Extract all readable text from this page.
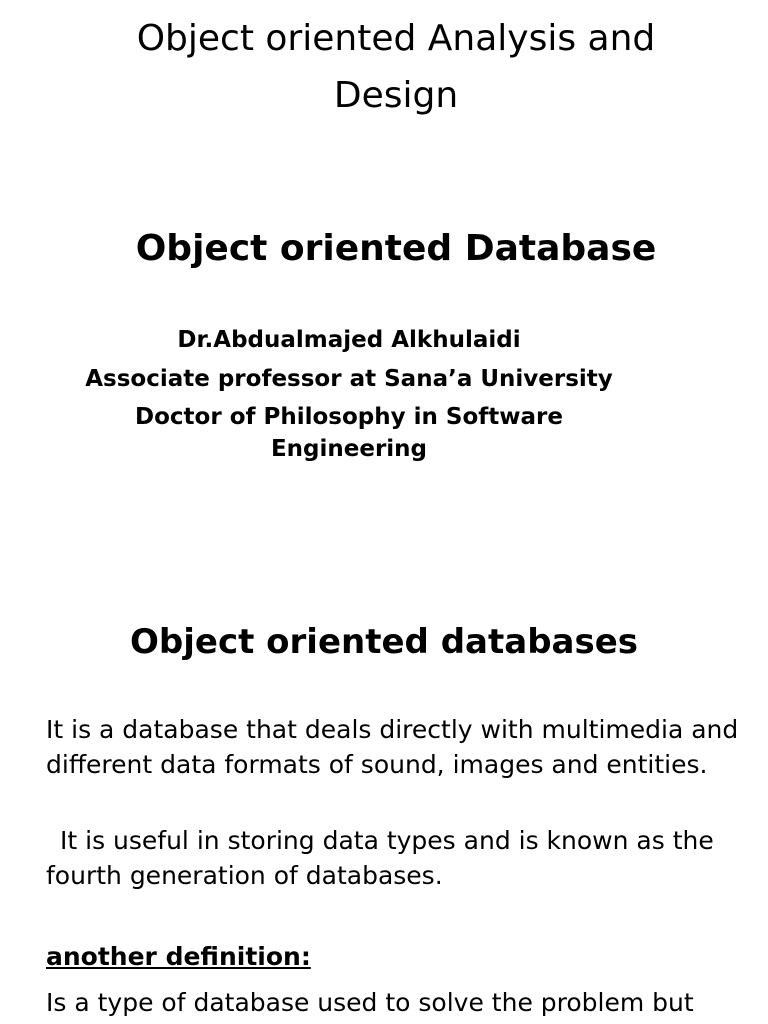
Object oriented Analysis and
Design
Object oriented Database

Dr.Abdualmajed Alkhulaidi

Associate professor at Sana’a University

Doctor of Philosophy in Software

Engineering

Object oriented databases

It is a database that deals directly with multimedia and different data formats of sound, images and entities.

It is useful in storing data types and is known as the fourth generation of databases.

another definition:

Is a type of database used to solve the problem but
